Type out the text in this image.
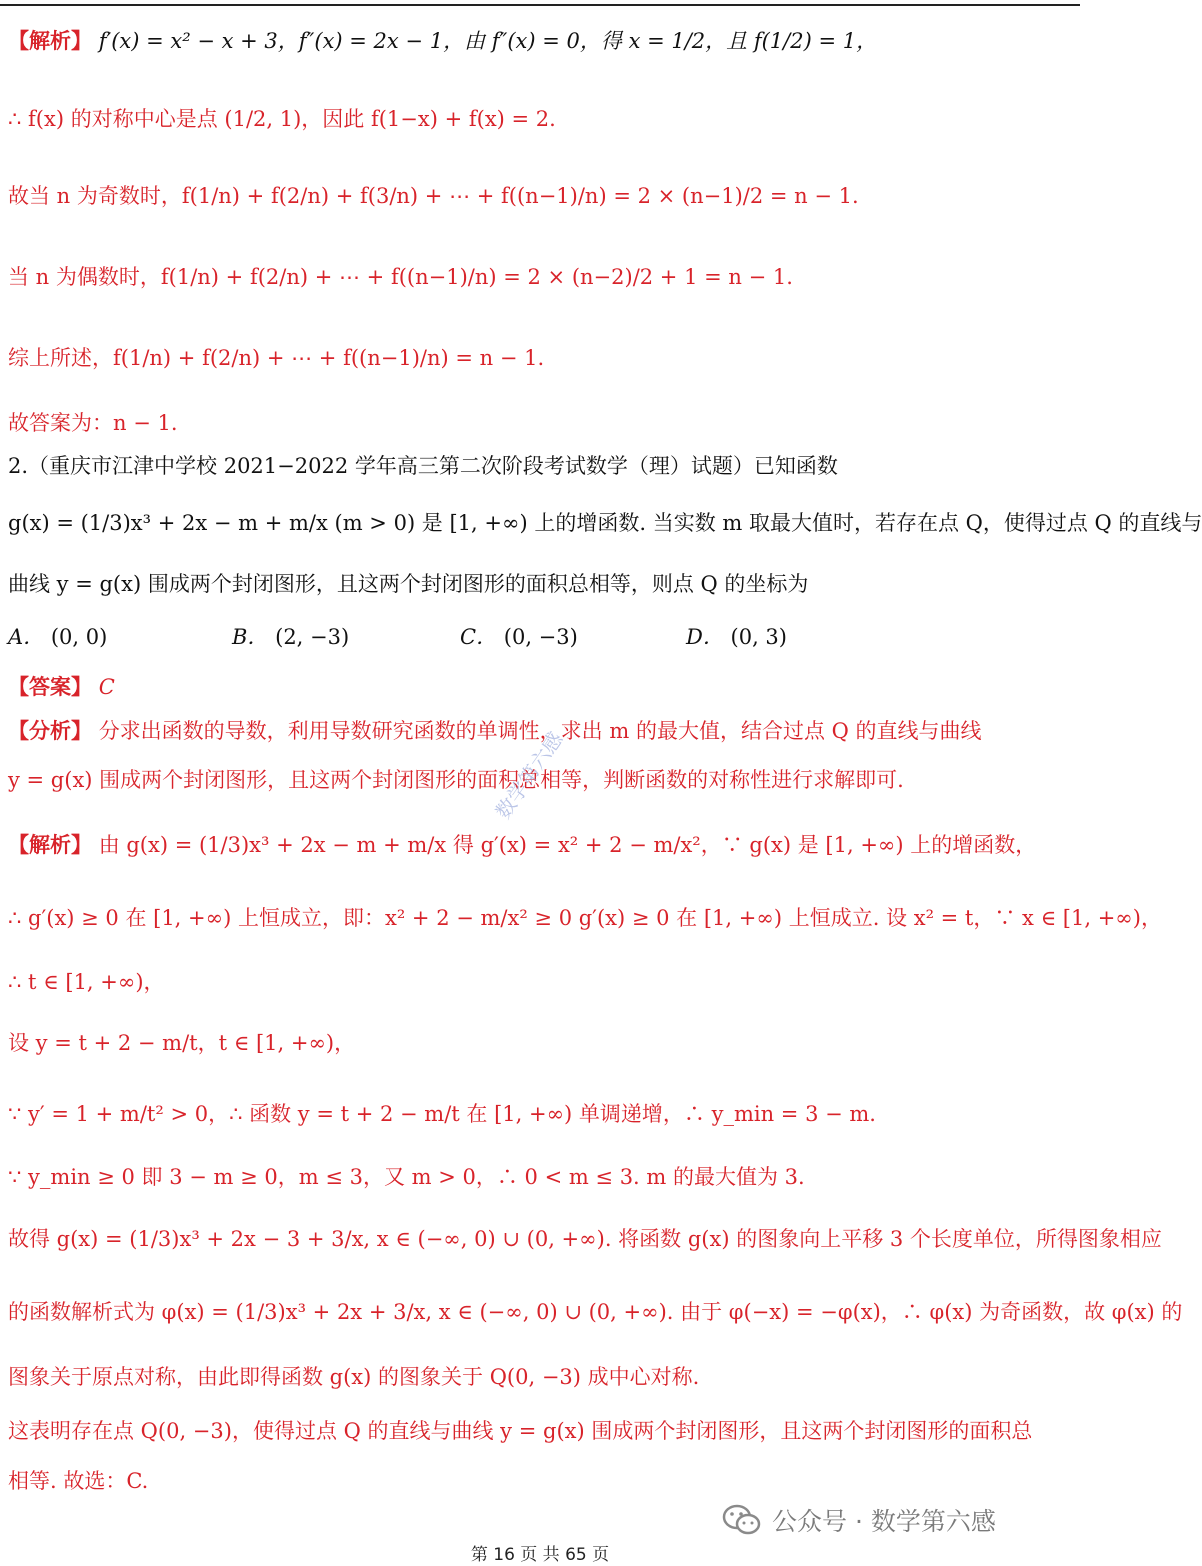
【解析】 f′(x) = x² − x + 3，f″(x) = 2x − 1，由 f″(x) = 0，得 x = 1/2，且 f(1/2) = 1，
∴ f(x) 的对称中心是点 (1/2, 1)，因此 f(1−x) + f(x) = 2.
故当 n 为奇数时，f(1/n) + f(2/n) + f(3/n) + ⋯ + f((n−1)/n) = 2 × (n−1)/2 = n − 1.
当 n 为偶数时，f(1/n) + f(2/n) + ⋯ + f((n−1)/n) = 2 × (n−2)/2 + 1 = n − 1.
综上所述，f(1/n) + f(2/n) + ⋯ + f((n−1)/n) = n − 1.
故答案为：n − 1.
2.（重庆市江津中学校 2021−2022 学年高三第二次阶段考试数学（理）试题）已知函数
g(x) = (1/3)x³ + 2x − m + m/x (m > 0) 是 [1, +∞) 上的增函数. 当实数 m 取最大值时，若存在点 Q，使得过点 Q 的直线与
曲线 y = g(x) 围成两个封闭图形，且这两个封闭图形的面积总相等，则点 Q 的坐标为
A． (0, 0)	B． (2, −3)	C． (0, −3)	D． (0, 3)
【答案】 C
【分析】 分求出函数的导数，利用导数研究函数的单调性，求出 m 的最大值，结合过点 Q 的直线与曲线
y = g(x) 围成两个封闭图形，且这两个封闭图形的面积总相等，判断函数的对称性进行求解即可.
【解析】 由 g(x) = (1/3)x³ + 2x − m + m/x 得 g′(x) = x² + 2 − m/x²，∵ g(x) 是 [1, +∞) 上的增函数，
∴ g′(x) ≥ 0 在 [1, +∞) 上恒成立，即：x² + 2 − m/x² ≥ 0 g′(x) ≥ 0 在 [1, +∞) 上恒成立. 设 x² = t，∵ x ∈ [1, +∞)，
∴ t ∈ [1, +∞)，
设 y = t + 2 − m/t，t ∈ [1, +∞)，
∵ y′ = 1 + m/t² > 0，∴ 函数 y = t + 2 − m/t 在 [1, +∞) 单调递增，∴ y_min = 3 − m.
∵ y_min ≥ 0 即 3 − m ≥ 0，m ≤ 3，又 m > 0，∴ 0 < m ≤ 3. m 的最大值为 3.
故得 g(x) = (1/3)x³ + 2x − 3 + 3/x, x ∈ (−∞, 0) ∪ (0, +∞). 将函数 g(x) 的图象向上平移 3 个长度单位，所得图象相应
的函数解析式为 φ(x) = (1/3)x³ + 2x + 3/x, x ∈ (−∞, 0) ∪ (0, +∞). 由于 φ(−x) = −φ(x)，∴ φ(x) 为奇函数，故 φ(x) 的
图象关于原点对称，由此即得函数 g(x) 的图象关于 Q(0, −3) 成中心对称.
这表明存在点 Q(0, −3)，使得过点 Q 的直线与曲线 y = g(x) 围成两个封闭图形，且这两个封闭图形的面积总
相等. 故选：C.
数学第六感
公众号 · 数学第六感
第 16 页 共 65 页
